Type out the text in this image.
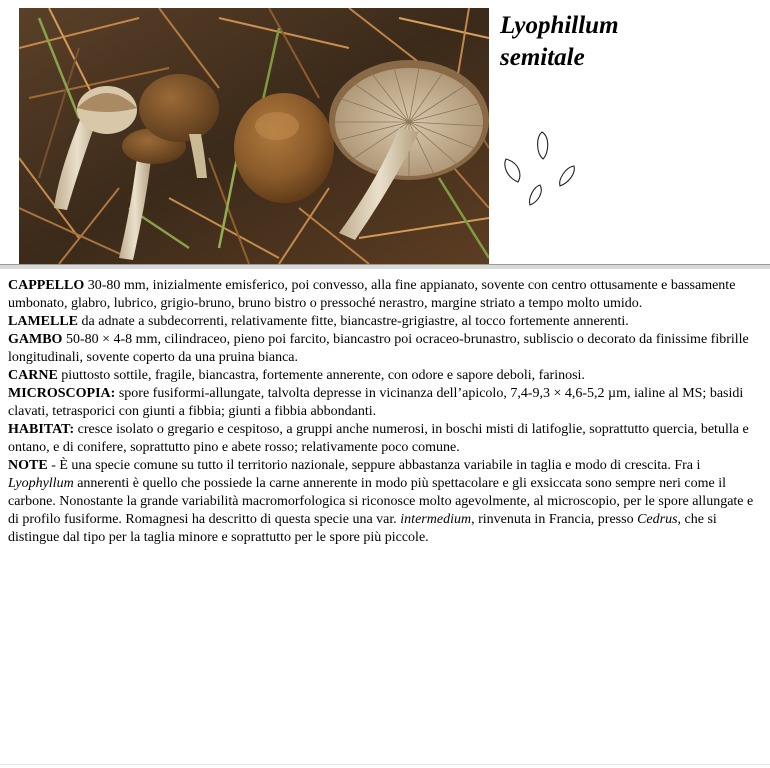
Lyophillum
semitale

CAPPELLO 30-80 mm, inizialmente emisferico, poi convesso, alla fine appianato, sovente con centro ottusamente e bassamente umbonato, glabro, lubrico, grigio-bruno, bruno bistro o pressoché nerastro, margine striato a tempo molto umido.

LAMELLE da adnate a subdecorrenti, relativamente fitte, biancastre-grigiastre, al tocco fortemente annerenti.

GAMBO 50-80 × 4-8 mm, cilindraceo, pieno poi farcito, biancastro poi ocraceo-brunastro, subliscio o decorato da finissime fibrille longitudinali, sovente coperto da una pruina bianca.

CARNE piuttosto sottile, fragile, biancastra, fortemente annerente, con odore e sapore deboli, farinosi.

MICROSCOPIA: spore fusiformi-allungate, talvolta depresse in vicinanza dell’apicolo, 7,4-9,3 × 4,6-5,2 µm, ialine al MS; basidi clavati, tetrasporici con giunti a fibbia; giunti a fibbia abbondanti.

HABITAT: cresce isolato o gregario e cespitoso, a gruppi anche numerosi, in boschi misti di latifoglie, soprattutto quercia, betulla e ontano, e di conifere, soprattutto pino e abete rosso; relativamente poco comune.

NOTE - È una specie comune su tutto il territorio nazionale, seppure abbastanza variabile in taglia e modo di crescita. Fra i Lyophyllum annerenti è quello che possiede la carne annerente in modo più spettacolare e gli exsiccata sono sempre neri come il carbone. Nonostante la grande variabilità macromorfologica si riconosce molto agevolmente, al microscopio, per le spore allungate e di profilo fusiforme. Romagnesi ha descritto di questa specie una var. intermedium, rinvenuta in Francia, presso Cedrus, che si distingue dal tipo per la taglia minore e soprattutto per le spore più piccole.
